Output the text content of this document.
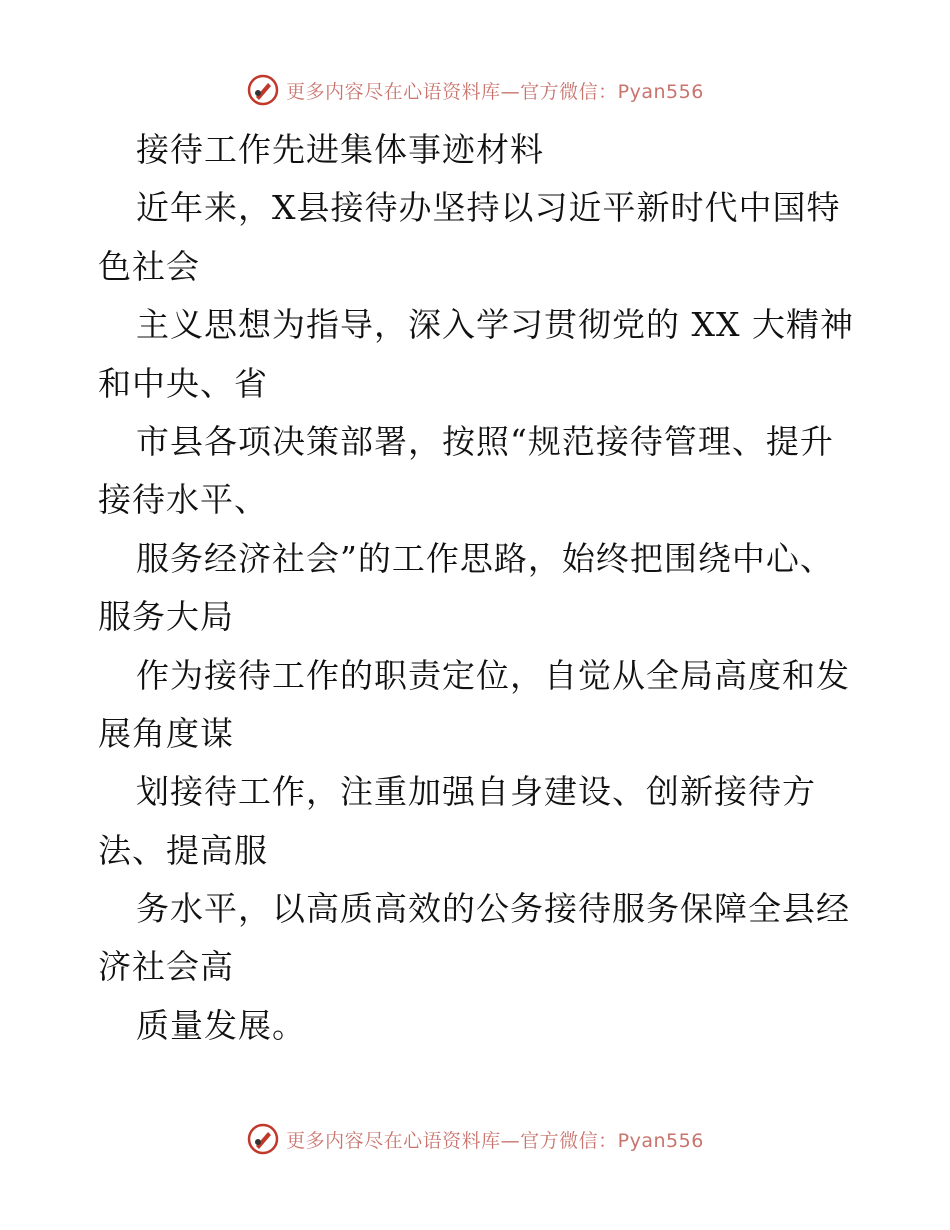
更多内容尽在心语资料库—官方微信：Pyan556
接待工作先进集体事迹材料
近年来，X县接待办坚持以习近平新时代中国特
色社会
主义思想为指导，深入学习贯彻党的 XX 大精神
和中央、省
市县各项决策部署，按照“规范接待管理、提升
接待水平、
服务经济社会”的工作思路，始终把围绕中心、
服务大局
作为接待工作的职责定位，自觉从全局高度和发
展角度谋
划接待工作，注重加强自身建设、创新接待方
法、提高服
务水平，以高质高效的公务接待服务保障全县经
济社会高
质量发展。
更多内容尽在心语资料库—官方微信：Pyan556
